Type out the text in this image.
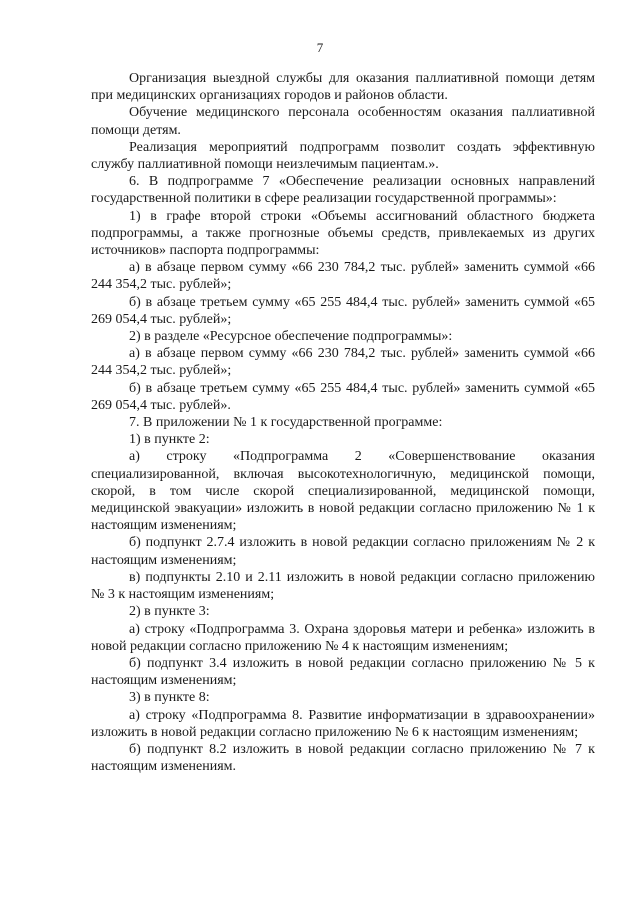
7

Организация выездной службы для оказания паллиативной помощи детям при медицинских организациях городов и районов области.

Обучение медицинского персонала особенностям оказания паллиативной помощи детям.

Реализация мероприятий подпрограмм позволит создать эффективную службу паллиативной помощи неизлечимым пациентам.».

6. В подпрограмме 7 «Обеспечение реализации основных направлений государственной политики в сфере реализации государственной программы»:

1) в графе второй строки «Объемы ассигнований областного бюджета подпрограммы, а также прогнозные объемы средств, привлекаемых из других источников» паспорта подпрограммы:

а) в абзаце первом сумму «66 230 784,2 тыс. рублей» заменить суммой «66 244 354,2 тыс. рублей»;

б) в абзаце третьем сумму «65 255 484,4 тыс. рублей» заменить суммой «65 269 054,4 тыс. рублей»;

2) в разделе «Ресурсное обеспечение подпрограммы»:

а) в абзаце первом сумму «66 230 784,2 тыс. рублей» заменить суммой «66 244 354,2 тыс. рублей»;

б) в абзаце третьем сумму «65 255 484,4 тыс. рублей» заменить суммой «65 269 054,4 тыс. рублей».

7. В приложении № 1 к государственной программе:

1) в пункте 2:

а) строку «Подпрограмма 2 «Совершенствование оказания специализированной, включая высокотехнологичную, медицинской помощи, скорой, в том числе скорой специализированной, медицинской помощи, медицинской эвакуации» изложить в новой редакции согласно приложению № 1 к настоящим изменениям;

б) подпункт 2.7.4 изложить в новой редакции согласно приложениям № 2 к настоящим изменениям;

в) подпункты 2.10 и 2.11 изложить в новой редакции согласно приложению № 3 к настоящим изменениям;

2) в пункте 3:

а) строку «Подпрограмма 3. Охрана здоровья матери и ребенка» изложить в новой редакции согласно приложению № 4 к настоящим изменениям;

б) подпункт 3.4 изложить в новой редакции согласно приложению № 5 к настоящим изменениям;

3) в пункте 8:

а) строку «Подпрограмма 8. Развитие информатизации в здравоохранении» изложить в новой редакции согласно приложению № 6 к настоящим изменениям;

б) подпункт 8.2 изложить в новой редакции согласно приложению № 7 к настоящим изменениям.
